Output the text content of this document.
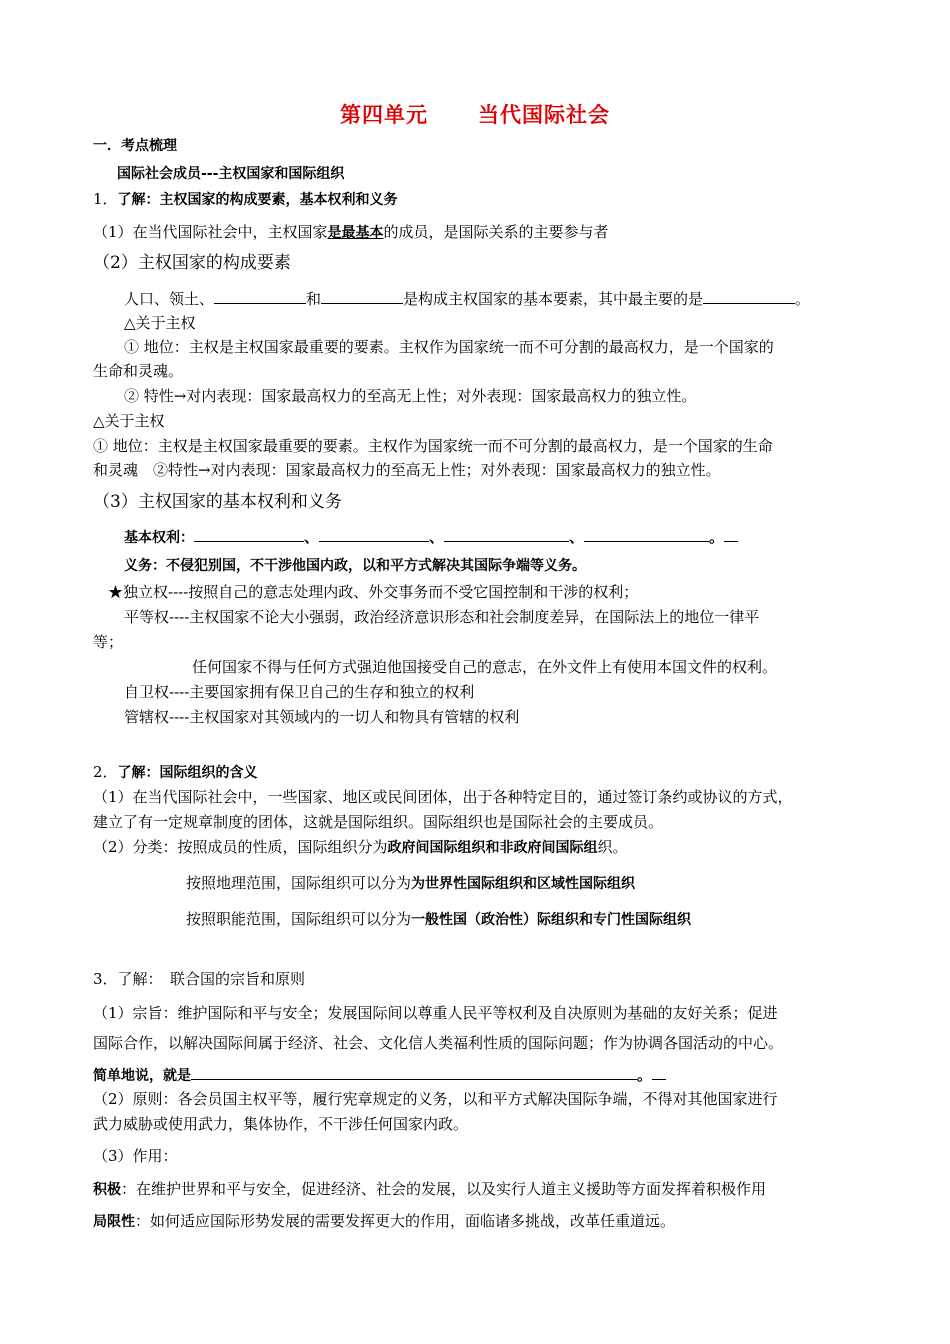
第四单元 当代国际社会
一．考点梳理
国际社会成员---主权国家和国际组织
1．了解：主权国家的构成要素，基本权利和义务
（1）在当代国际社会中，主权国家是最基本的成员，是国际关系的主要参与者
（2）主权国家的构成要素
人口、领土、	和	是构成主权国家的基本要素，其中最主要的是	。
△关于主权
① 地位：主权是主权国家最重要的要素。主权作为国家统一而不可分割的最高权力，是一个国家的
生命和灵魂。
② 特性→对内表现：国家最高权力的至高无上性；对外表现：国家最高权力的独立性。
△关于主权
① 地位：主权是主权国家最重要的要素。主权作为国家统一而不可分割的最高权力，是一个国家的生命
和灵魂　②特性→对内表现：国家最高权力的至高无上性；对外表现：国家最高权力的独立性。
（3）主权国家的基本权利和义务
基本权利：	、	、	、	。
义务：不侵犯别国，不干涉他国内政，以和平方式解决其国际争端等义务。
★独立权----按照自己的意志处理内政、外交事务而不受它国控制和干涉的权利；
平等权----主权国家不论大小强弱，政治经济意识形态和社会制度差异，在国际法上的地位一律平
等；
任何国家不得与任何方式强迫他国接受自己的意志，在外文件上有使用本国文件的权利。
自卫权----主要国家拥有保卫自己的生存和独立的权利
管辖权----主权国家对其领域内的一切人和物具有管辖的权利
2．了解：国际组织的含义
（1）在当代国际社会中，一些国家、地区或民间团体，出于各种特定目的，通过签订条约或协议的方式，
建立了有一定规章制度的团体，这就是国际组织。国际组织也是国际社会的主要成员。
（2）分类：按照成员的性质，国际组织分为政府间国际组织和非政府间国际组织。
按照地理范围，国际组织可以分为为世界性国际组织和区域性国际组织
按照职能范围，国际组织可以分为一般性国（政治性）际组织和专门性国际组织
3．了解：　联合国的宗旨和原则
（1）宗旨：维护国际和平与安全；发展国际间以尊重人民平等权利及自决原则为基础的友好关系；促进
国际合作，以解决国际间属于经济、社会、文化信人类福利性质的国际问题；作为协调各国活动的中心。
简单地说，就是	。
（2）原则：各会员国主权平等，履行宪章规定的义务，以和平方式解决国际争端，不得对其他国家进行
武力威胁或使用武力，集体协作，不干涉任何国家内政。
（3）作用：
积极：在维护世界和平与安全，促进经济、社会的发展，以及实行人道主义援助等方面发挥着积极作用
局限性：如何适应国际形势发展的需要发挥更大的作用，面临诸多挑战，改革任重道远。
